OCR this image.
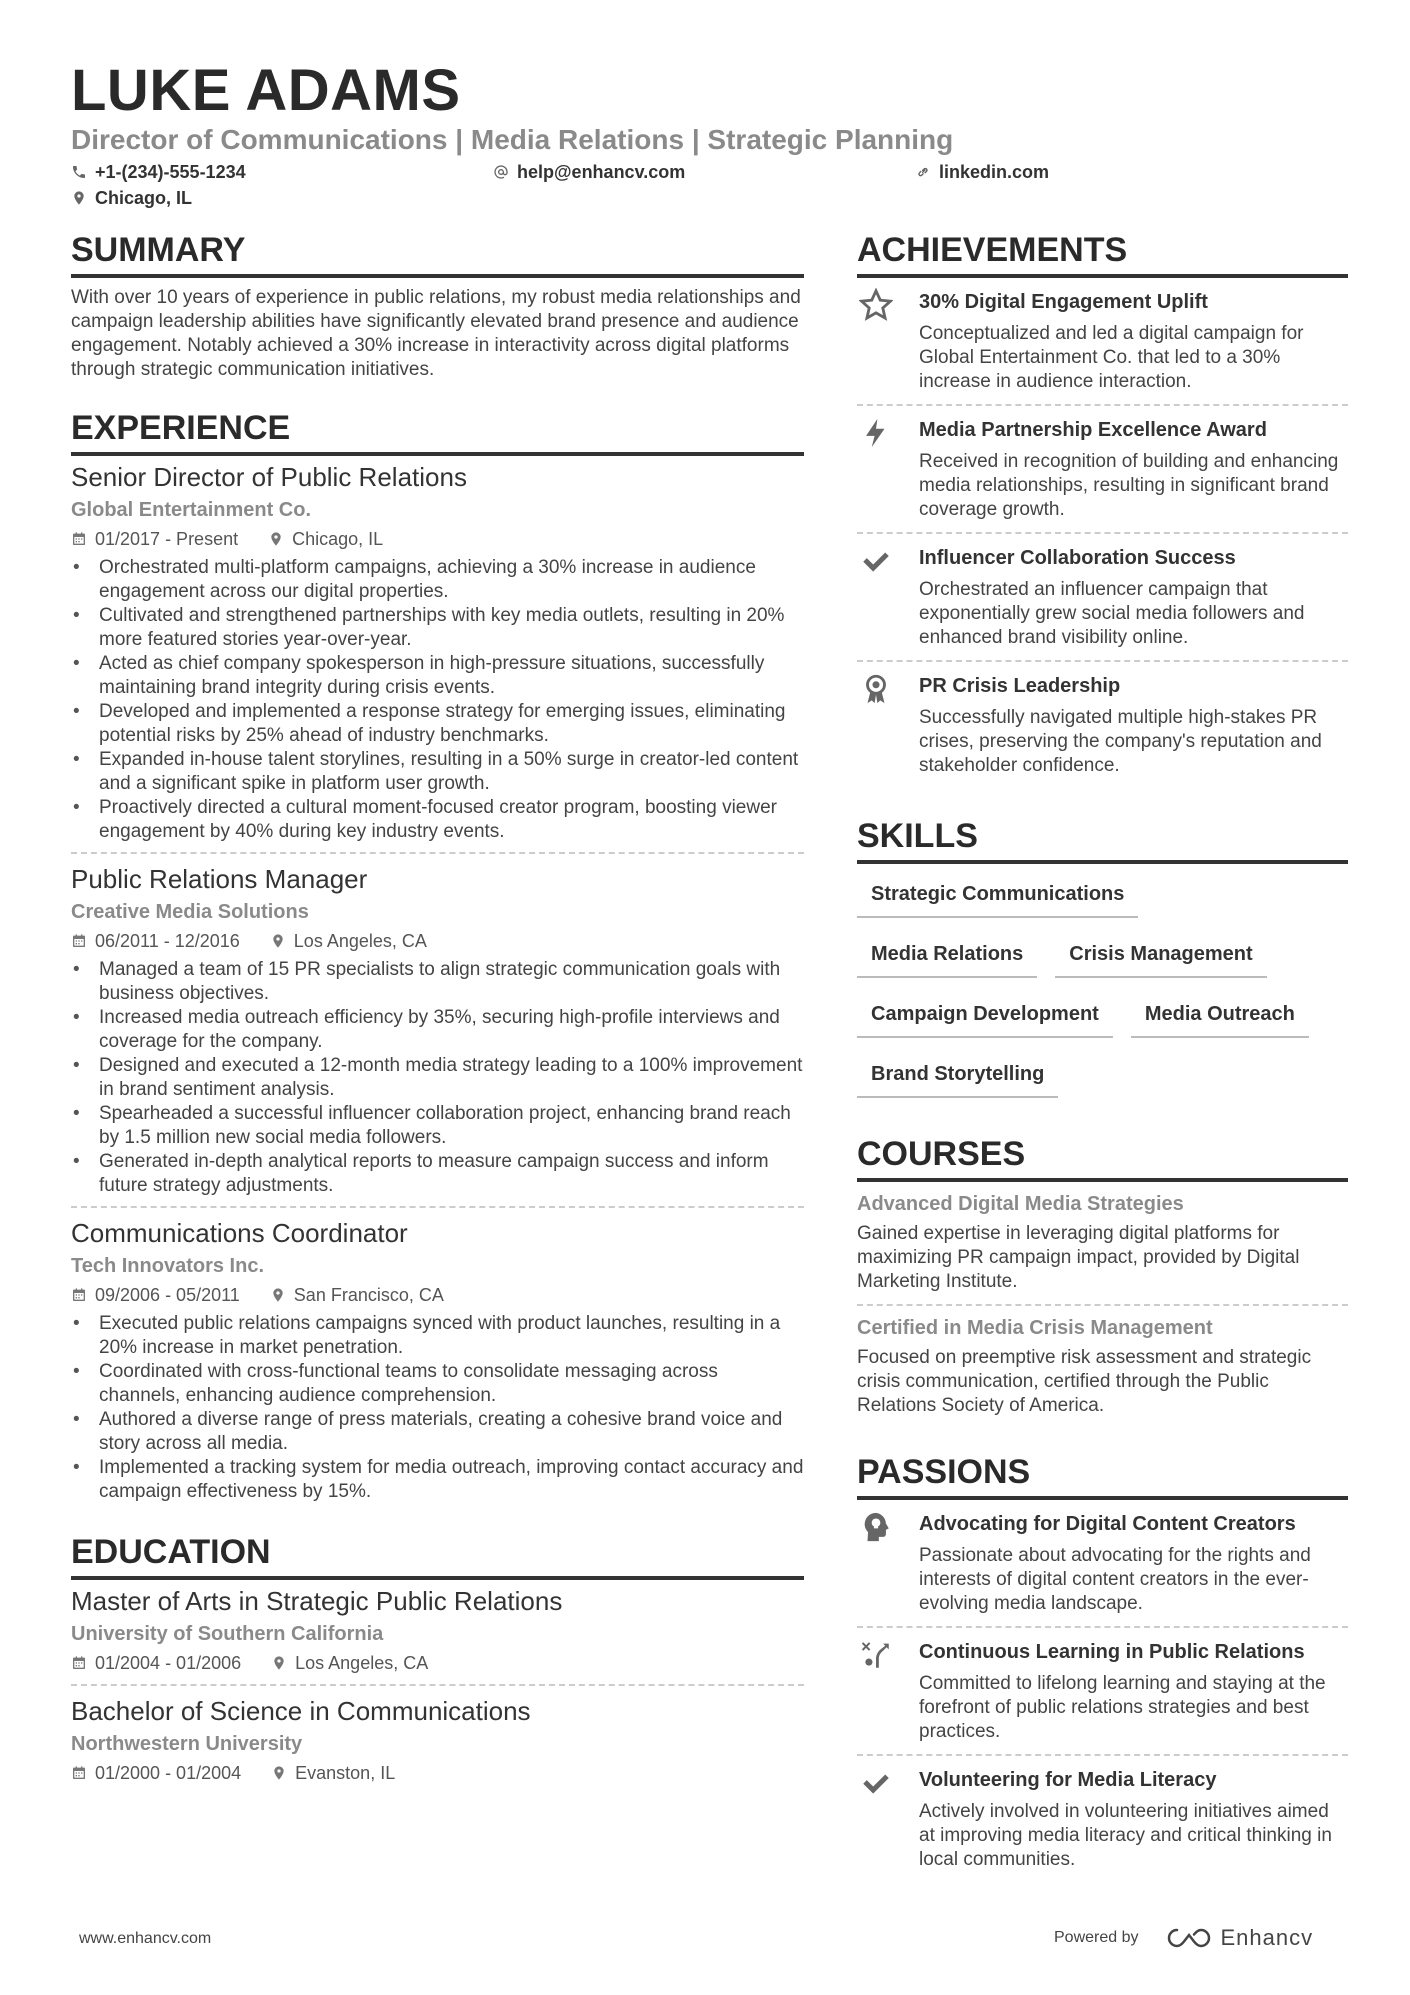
LUKE ADAMS
Director of Communications | Media Relations | Strategic Planning
+1-(234)-555-1234	help@enhancv.com	linkedin.com
Chicago, IL
SUMMARY
With over 10 years of experience in public relations, my robust media relationships and campaign leadership abilities have significantly elevated brand presence and audience engagement. Notably achieved a 30% increase in interactivity across digital platforms through strategic communication initiatives.
EXPERIENCE
Senior Director of Public Relations
Global Entertainment Co.
01/2017 - Present	Chicago, IL
• Orchestrated multi-platform campaigns, achieving a 30% increase in audience engagement across our digital properties.
• Cultivated and strengthened partnerships with key media outlets, resulting in 20% more featured stories year-over-year.
• Acted as chief company spokesperson in high-pressure situations, successfully maintaining brand integrity during crisis events.
• Developed and implemented a response strategy for emerging issues, eliminating potential risks by 25% ahead of industry benchmarks.
• Expanded in-house talent storylines, resulting in a 50% surge in creator-led content and a significant spike in platform user growth.
• Proactively directed a cultural moment-focused creator program, boosting viewer engagement by 40% during key industry events.
Public Relations Manager
Creative Media Solutions
06/2011 - 12/2016	Los Angeles, CA
• Managed a team of 15 PR specialists to align strategic communication goals with business objectives.
• Increased media outreach efficiency by 35%, securing high-profile interviews and coverage for the company.
• Designed and executed a 12-month media strategy leading to a 100% improvement in brand sentiment analysis.
• Spearheaded a successful influencer collaboration project, enhancing brand reach by 1.5 million new social media followers.
• Generated in-depth analytical reports to measure campaign success and inform future strategy adjustments.
Communications Coordinator
Tech Innovators Inc.
09/2006 - 05/2011	San Francisco, CA
• Executed public relations campaigns synced with product launches, resulting in a 20% increase in market penetration.
• Coordinated with cross-functional teams to consolidate messaging across channels, enhancing audience comprehension.
• Authored a diverse range of press materials, creating a cohesive brand voice and story across all media.
• Implemented a tracking system for media outreach, improving contact accuracy and campaign effectiveness by 15%.
EDUCATION
Master of Arts in Strategic Public Relations
University of Southern California
01/2004 - 01/2006	Los Angeles, CA
Bachelor of Science in Communications
Northwestern University
01/2000 - 01/2004	Evanston, IL
ACHIEVEMENTS
30% Digital Engagement Uplift
Conceptualized and led a digital campaign for Global Entertainment Co. that led to a 30% increase in audience interaction.
Media Partnership Excellence Award
Received in recognition of building and enhancing media relationships, resulting in significant brand coverage growth.
Influencer Collaboration Success
Orchestrated an influencer campaign that exponentially grew social media followers and enhanced brand visibility online.
PR Crisis Leadership
Successfully navigated multiple high-stakes PR crises, preserving the company's reputation and stakeholder confidence.
SKILLS
Strategic Communications
Media Relations	Crisis Management
Campaign Development	Media Outreach
Brand Storytelling
COURSES
Advanced Digital Media Strategies
Gained expertise in leveraging digital platforms for maximizing PR campaign impact, provided by Digital Marketing Institute.
Certified in Media Crisis Management
Focused on preemptive risk assessment and strategic crisis communication, certified through the Public Relations Society of America.
PASSIONS
Advocating for Digital Content Creators
Passionate about advocating for the rights and interests of digital content creators in the ever-evolving media landscape.
Continuous Learning in Public Relations
Committed to lifelong learning and staying at the forefront of public relations strategies and best practices.
Volunteering for Media Literacy
Actively involved in volunteering initiatives aimed at improving media literacy and critical thinking in local communities.
www.enhancv.com	Powered by	Enhancv
